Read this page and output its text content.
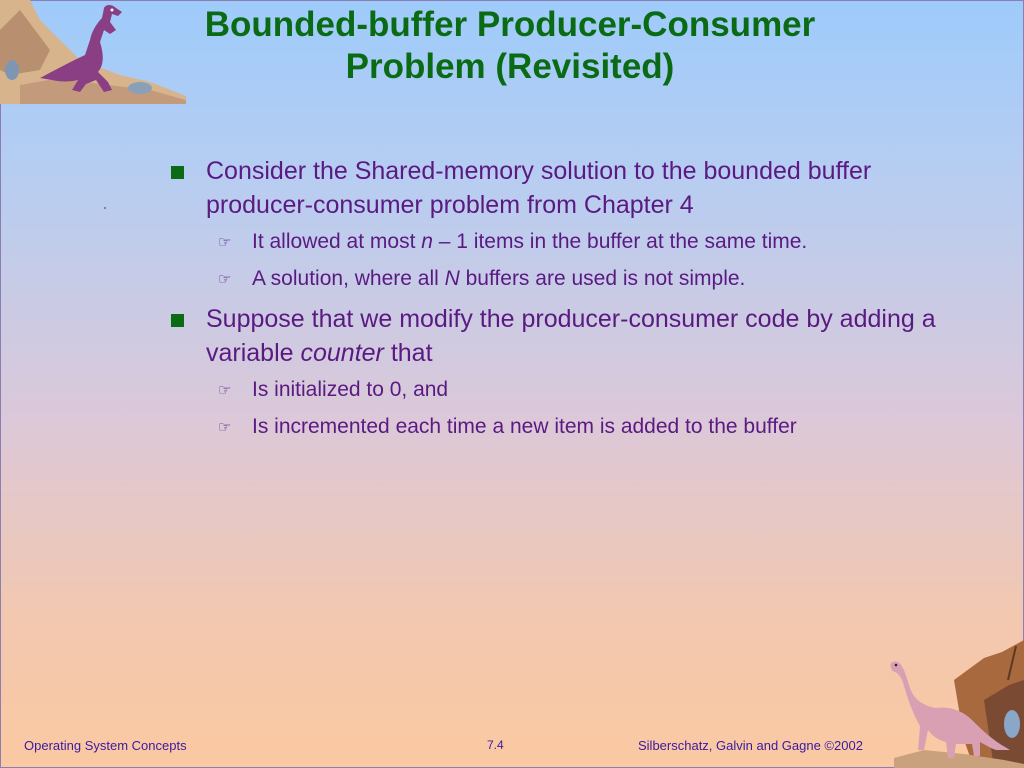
Bounded-buffer Producer-Consumer
Problem (Revisited)
Consider the Shared-memory solution to the bounded buffer producer-consumer problem from Chapter 4
☞ It allowed at most n – 1 items in the buffer at the same time.
☞ A solution, where all N buffers are used is not simple.
Suppose that we modify the producer-consumer code by adding a variable counter that
☞ Is initialized to 0, and
☞ Is incremented each time a new item is added to the buffer
Operating System Concepts	7.4	Silberschatz, Galvin and Gagne ©2002
